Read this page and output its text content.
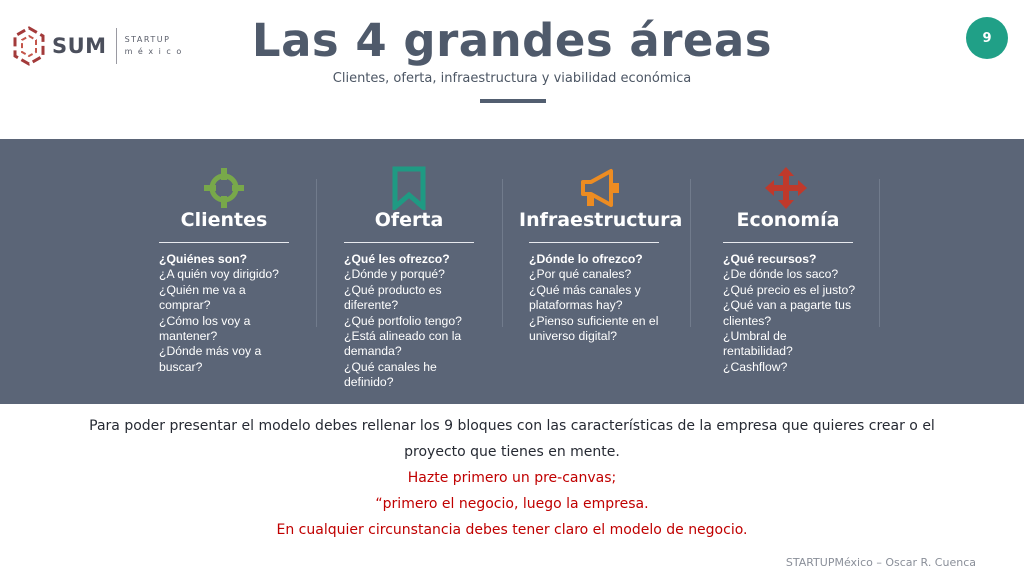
SUM STARTUP
m é x i c o	Las 4 grandes áreas
Clientes, oferta, infraestructura y viabilidad económica
9
Clientes
¿Quiénes son?
¿A quién voy dirigido?
¿Quién me va a
comprar?
¿Cómo los voy a
mantener?
¿Dónde más voy a
buscar?
Oferta
¿Qué les ofrezco?
¿Dónde y porqué?
¿Qué producto es
diferente?
¿Qué portfolio tengo?
¿Está alineado con la
demanda?
¿Qué canales he
definido?
Infraestructura
¿Dónde lo ofrezco?
¿Por qué canales?
¿Qué más canales y
plataformas hay?
¿Pienso suficiente en el
universo digital?
Economía
¿Qué recursos?
¿De dónde los saco?
¿Qué precio es el justo?
¿Qué van a pagarte tus
clientes?
¿Umbral de
rentabilidad?
¿Cashflow?
Para poder presentar el modelo debes rellenar los 9 bloques con las características de la empresa que quieres crear o el
proyecto que tienes en mente.
Hazte primero un pre-canvas;
“primero el negocio, luego la empresa.
En cualquier circunstancia debes tener claro el modelo de negocio.
STARTUPMéxico – Oscar R. Cuenca
